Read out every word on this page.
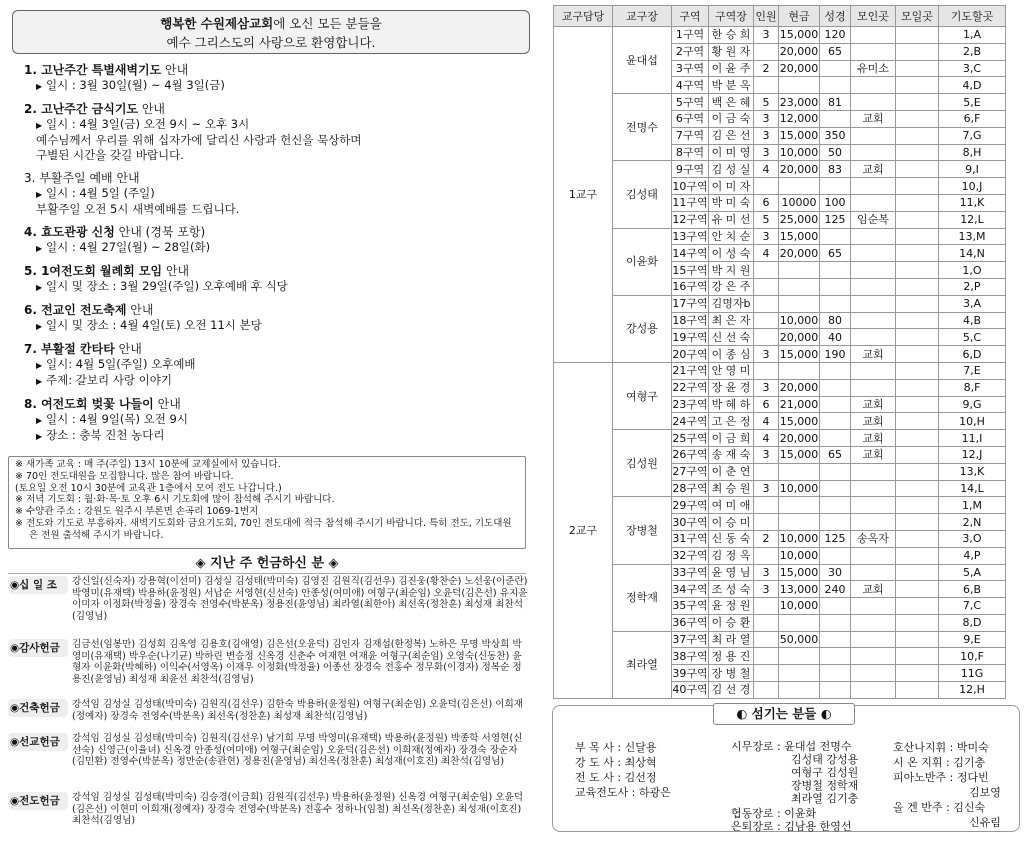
행복한 수원제삼교회에 오신 모든 분들을
예수 그리스도의 사랑으로 환영합니다.
1. 고난주간 특별새벽기도 안내
▶ 일시 : 3월 30일(월) ~ 4월 3일(금)
2. 고난주간 금식기도 안내
▶ 일시 : 4월 3일(금) 오전 9시 ~ 오후 3시
예수님께서 우리를 위해 십자가에 달리신 사랑과 헌신을 묵상하며
구별된 시간을 갖길 바랍니다.
3. 부활주일 예배 안내
▶ 일시 : 4월 5일 (주일)
부활주일 오전 5시 새벽예배를 드립니다.
4. 효도관광 신청 안내 (경북 포항)
▶ 일시 : 4월 27일(월) ~ 28일(화)
5. 1여전도회 월례회 모임 안내
▶ 일시 및 장소 : 3월 29일(주일) 오후예배 후 식당
6. 전교인 전도축제 안내
▶ 일시 및 장소 : 4월 4일(토) 오전 11시 본당
7. 부활절 칸타타 안내
▶ 일시: 4월 5일(주일) 오후예배
▶ 주제: 갈보리 사랑 이야기
8. 여전도회 벚꽃 나들이 안내
▶ 일시 : 4월 9일(목) 오전 9시
▶ 장소 : 충북 진천 농다리
※ 새가족 교육 : 매 주(주일) 13시 10분에 교제실에서 있습니다.
※ 70인 전도대원을 모집합니다. 많은 참여 바랍니다.
(토요일 오전 10시 30분에 교육관 1층에서 모여 전도 나갑니다.)
※ 저녁 기도회 : 월·화·목·토 오후 6시 기도회에 많이 참석해 주시기 바랍니다.
※ 수양관 주소 : 강원도 원주시 부론면 손곡리 1069-1번지
※ 전도와 기도로 부흥하자. 새벽기도회와 금요기도회, 70인 전도대에 적극 참석해 주시기 바랍니다. 특히 전도, 기도대원은 전원 출석해 주시기 바랍니다.
◈ 지난 주 헌금하신 분 ◈
◉십 일 조	강신일(신숙자) 강용혁(이선미) 김성실 김성태(박미숙) 김영진 김원직(김선우) 김진웅(황찬순) 노선웅(이준란) 박영미(유재택) 박용하(윤정원) 서납순 서영현(신선숙) 안종성(여미애) 여형구(최순임) 오윤덕(김은선) 유지윤 이미자 이정화(박정율) 장경숙 전영수(박분옥) 정용진(윤영님) 최라열(최한아) 최선옥(정찬훈) 최성재 최찬석(김영님)
◉감사헌금	김금선(임봉만) 김성회 김옥영 김용호(김애영) 김은선(오윤덕) 김인자 김재섭(한정복) 노하은 무명 박상희 박영미(유재택) 박우순(나기균) 박하린 변승정 신옥경 신춘수 여재현 여재윤 여형구(최순임) 오영숙(신동찬) 윤형자 이윤화(박혜하) 이익수(서영옥) 이재우 이정화(박정율) 이종선 장경숙 전홍수 정무화(이경자) 정복순 정용진(윤영님) 최성재 최윤선 최찬석(김영님)
◉건축헌금	강석임 김성실 김성태(박미숙) 김원직(김선우) 김한숙 박용하(윤정원) 여형구(최순임) 오윤덕(김은선) 이희재(정예자) 장경숙 전영수(박분옥) 최선옥(정찬훈) 최성재 최찬석(김영님)
◉선교헌금	강석임 김성실 김성태(박미숙) 김원직(김선우) 남기희 무명 박영미(유재택) 박용하(윤정원) 박종학 서영현(신선숙) 신영근(이율녀) 신옥경 안종성(여미애) 여형구(최순임) 오윤덕(김은선) 이희재(정예자) 장경숙 장순자(김민환) 전영수(박분옥) 정만순(송관현) 정용진(윤영님) 최선옥(정찬훈) 최성재(이호진) 최찬석(김영님)
◉전도헌금	강석임 김성실 김성태(박미숙) 김승경(이금희) 김원직(김선우) 박용하(윤정원) 신옥경 여형구(최순임) 오윤덕(김은선) 이현미 이희재(정예자) 장경숙 전영수(박분옥) 전홍수 정하나(임철) 최선옥(정찬훈) 최성재(이호진) 최찬석(김영님)
교구담당	교구장	구역	구역장	인원	현금	성경	모인곳	모일곳	기도할곳
1교구	윤대섭	1구역	한 승 희	3	15,000	120			1,A
		2구역	황 원 자		20,000	65			2,B
		3구역	이 윤 주	2	20,000		유미소		3,C
		4구역	박 분 옥						4,D
	전명수	5구역	백 은 혜	5	23,000	81			5,E
		6구역	이 금 숙	3	12,000		교회		6,F
		7구역	김 은 선	3	15,000	350			7,G
		8구역	이 미 영	3	10,000	50			8,H
	김성태	9구역	김 성 실	4	20,000	83	교회		9,I
		10구역	이 미 자						10,J
		11구역	박 미 숙	6	10000	100			11,K
		12구역	유 미 선	5	25,000	125	임순복		12,L
	이윤화	13구역	안 치 순	3	15,000				13,M
		14구역	이 성 숙	4	20,000	65			14,N
		15구역	박 지 원						1,O
		16구역	강 은 주						2,P
	강성용	17구역	김명자b						3,A
		18구역	최 은 자		10,000	80			4,B
		19구역	신 선 숙		20,000	40			5,C
		20구역	이 종 심	3	15,000	190	교회		6,D
2교구	여형구	21구역	안 영 미						7,E
		22구역	장 윤 경	3	20,000				8,F
		23구역	박 혜 하	6	21,000		교회		9,G
		24구역	고 은 정	4	15,000		교회		10,H
	김성원	25구역	이 금 희	4	20,000		교회		11,I
		26구역	송 재 숙	3	15,000	65	교회		12,J
		27구역	이 춘 연						13,K
		28구역	최 승 원	3	10,000				14,L
	장병철	29구역	여 미 애						1,M
		30구역	이 승 미						2,N
		31구역	신 동 숙	2	10,000	125	송옥자		3,O
		32구역	김 정 옥		10,000				4,P
	정학재	33구역	윤 영 님	3	15,000	30			5,A
		34구역	조 성 숙	3	13,000	240	교회		6,B
		35구역	윤 정 원		10,000				7,C
		36구역	이 승 환						8,D
	최라열	37구역	최 라 열		50,000				9,E
		38구역	정 용 진						10,F
		39구역	장 병 철						11G
		40구역	김 선 경						12,H
◐ 섬기는 분들 ◐
부 목 사 : 신달용
강 도 사 : 최상혁
전 도 사 : 김선정
교육전도사 : 하광은
시무장로 : 윤대섭 전명수
김성태 강성용
여형구 김성원
장병철 정학재
최라열 김기충
협동장로 : 이윤화
은퇴장로 : 김남용 한영선
호산나지휘 : 박미숙
시 온 지휘 : 김기충
피아노반주 : 정다빈
김보영
올 겐 반주 : 김신숙
신유림
